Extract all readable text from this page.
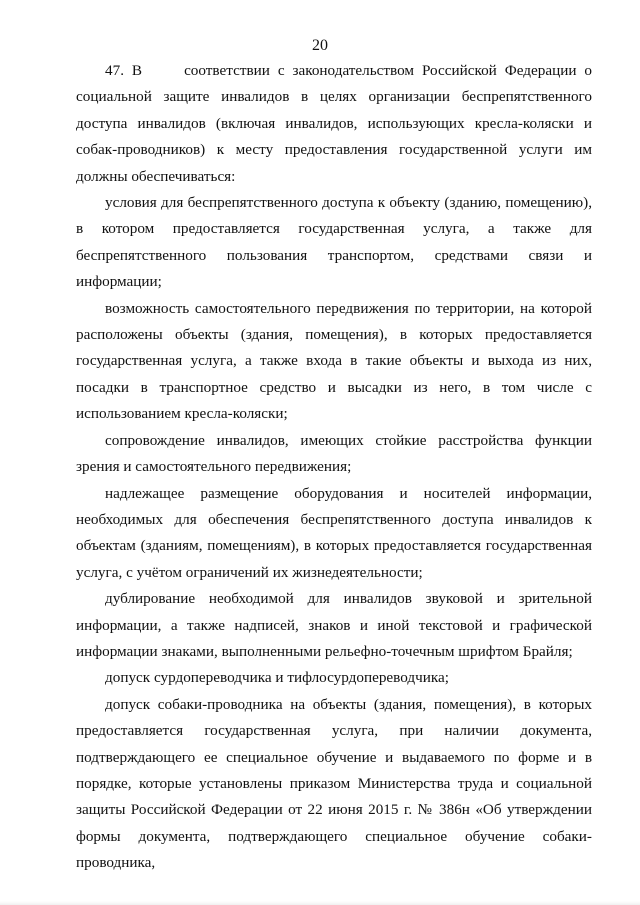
20

47. В	соответствии с законодательством Российской Федерации о социальной защите инвалидов в целях организации беспрепятственного доступа инвалидов (включая инвалидов, использующих кресла-коляски и собак-проводников) к месту предоставления государственной услуги им должны обеспечиваться:

условия для беспрепятственного доступа к объекту (зданию, помещению), в котором предоставляется государственная услуга, а также для беспрепятственного пользования транспортом, средствами связи и информации;

возможность самостоятельного передвижения по территории, на которой расположены объекты (здания, помещения), в которых предоставляется государственная услуга, а также входа в такие объекты и выхода из них, посадки в транспортное средство и высадки из него, в том числе с использованием кресла-коляски;

сопровождение инвалидов, имеющих стойкие расстройства функции зрения и самостоятельного передвижения;

надлежащее размещение оборудования и носителей информации, необходимых для обеспечения беспрепятственного доступа инвалидов к объектам (зданиям, помещениям), в которых предоставляется государственная услуга, с учётом ограничений их жизнедеятельности;

дублирование необходимой для инвалидов звуковой и зрительной информации, а также надписей, знаков и иной текстовой и графической информации знаками, выполненными рельефно-точечным шрифтом Брайля;

допуск сурдопереводчика и тифлосурдопереводчика;

допуск собаки-проводника на объекты (здания, помещения), в которых предоставляется государственная услуга, при наличии документа, подтверждающего ее специальное обучение и выдаваемого по форме и в порядке, которые установлены приказом Министерства труда и социальной защиты Российской Федерации от 22 июня 2015 г. № 386н «Об утверждении формы документа, подтверждающего специальное обучение собаки-проводника,
